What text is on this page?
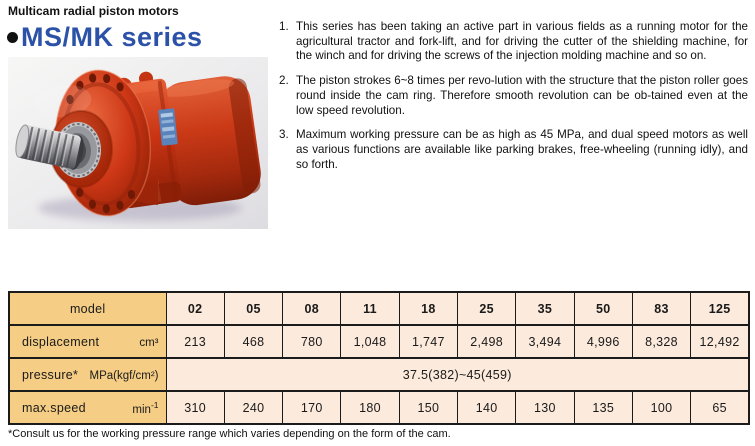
Multicam radial piston motors
MS/MK series	1. This series has been taking an active part in various fields as a running motor for the agricultural tractor and fork-lift, and for driving the cutter of the shielding machine, for the winch and for driving the screws of the injection molding machine and so on.
2. The piston strokes 6~8 times per revo-lution with the structure that the piston roller goes round inside the cam ring. Therefore smooth revolution can be ob-tained even at the low speed revolution.
3. Maximum working pressure can be as high as 45 MPa, and dual speed motors as well as various functions are available like parking brakes, free-wheeling (running idly), and so forth.
model	02	05	08	11	18	25	35	50	83	125

displacement cm³	213	468	780	1,048	1,747	2,498	3,494	4,996	8,328	12,492

pressure* MPa(kgf/cm²)	37.5(382)~45(459)									

max.speed $\min^{-1}$	310	240	170	180	150	140	130	135	100	65
*Consult us for the working pressure range which varies depending on the form of the cam.
